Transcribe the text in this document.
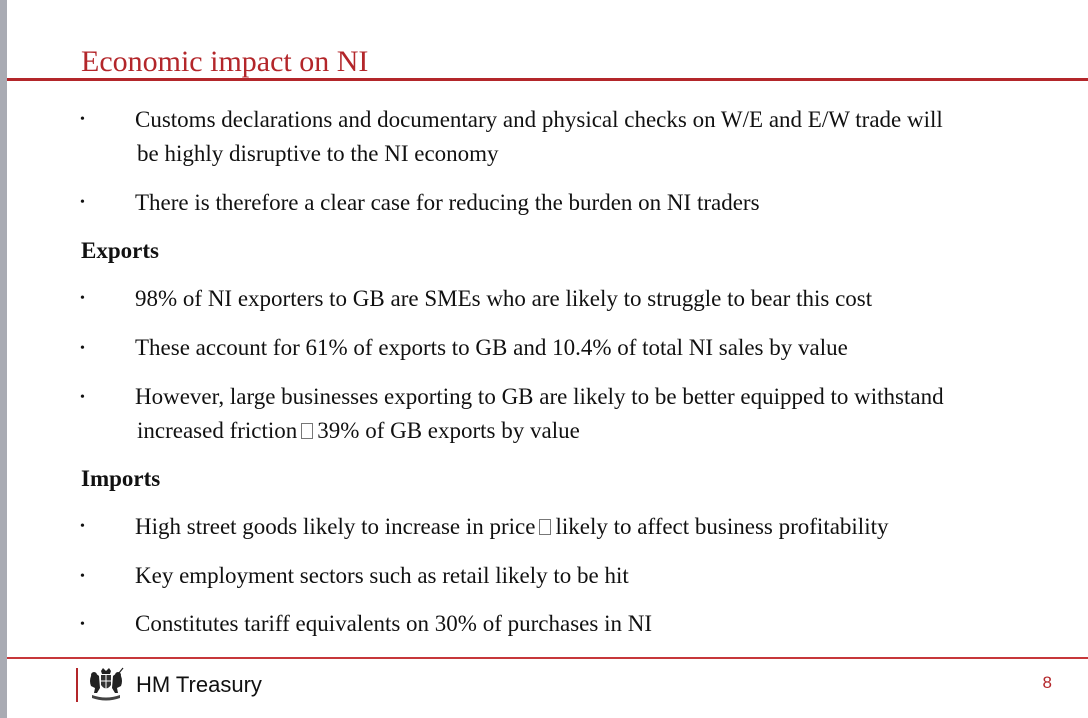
Economic impact on NI
• Customs declarations and documentary and physical checks on W/E and E/W trade will
be highly disruptive to the NI economy
• There is therefore a clear case for reducing the burden on NI traders
Exports
• 98% of NI exporters to GB are SMEs who are likely to struggle to bear this cost
• These account for 61% of exports to GB and 10.4% of total NI sales by value
• However, large businesses exporting to GB are likely to be better equipped to withstand
increased friction 39% of GB exports by value
Imports
• High street goods likely to increase in price likely to affect business profitability
• Key employment sectors such as retail likely to be hit
• Constitutes tariff equivalents on 30% of purchases in NI
HM Treasury	8
